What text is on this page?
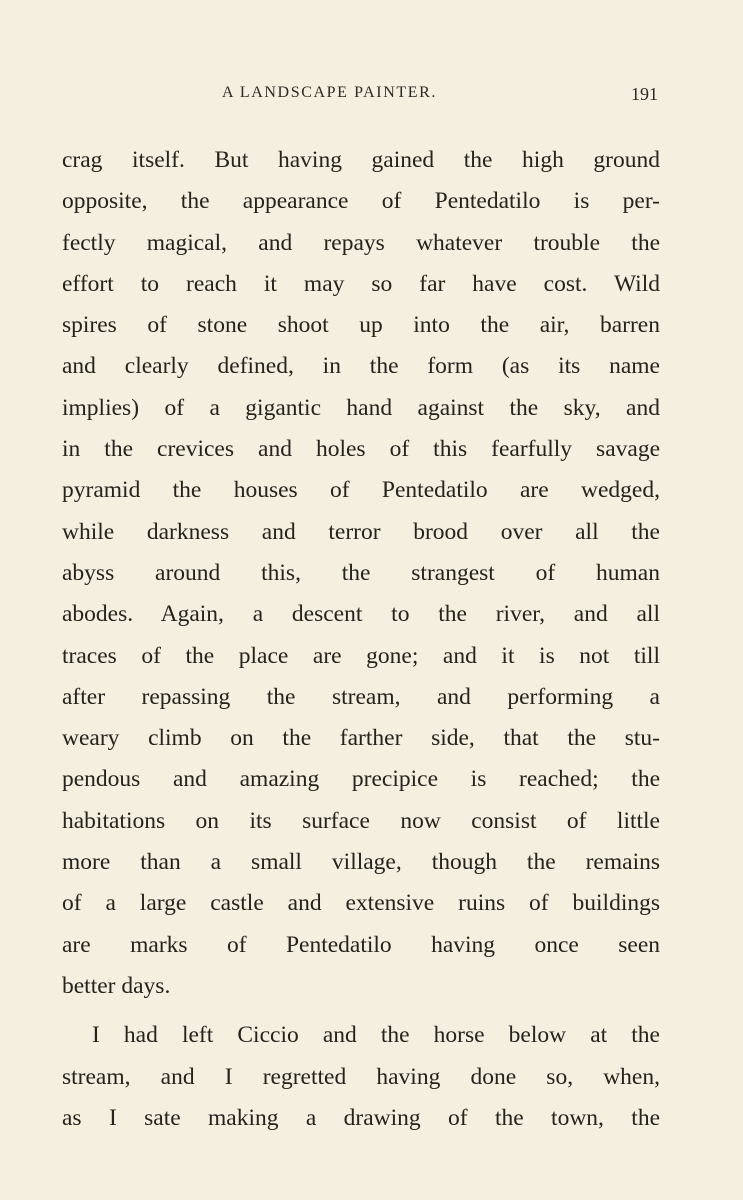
A LANDSCAPE PAINTER.	191
crag itself. But having gained the high ground
opposite, the appearance of Pentedatilo is per-
fectly magical, and repays whatever trouble the
effort to reach it may so far have cost. Wild
spires of stone shoot up into the air, barren
and clearly defined, in the form (as its name
implies) of a gigantic hand against the sky, and
in the crevices and holes of this fearfully savage
pyramid the houses of Pentedatilo are wedged,
while darkness and terror brood over all the
abyss around this, the strangest of human
abodes. Again, a descent to the river, and all
traces of the place are gone; and it is not till
after repassing the stream, and performing a
weary climb on the farther side, that the stu-
pendous and amazing precipice is reached; the
habitations on its surface now consist of little
more than a small village, though the remains
of a large castle and extensive ruins of buildings
are marks of Pentedatilo having once seen
better days.
I had left Ciccio and the horse below at the
stream, and I regretted having done so, when,
as I sate making a drawing of the town, the
